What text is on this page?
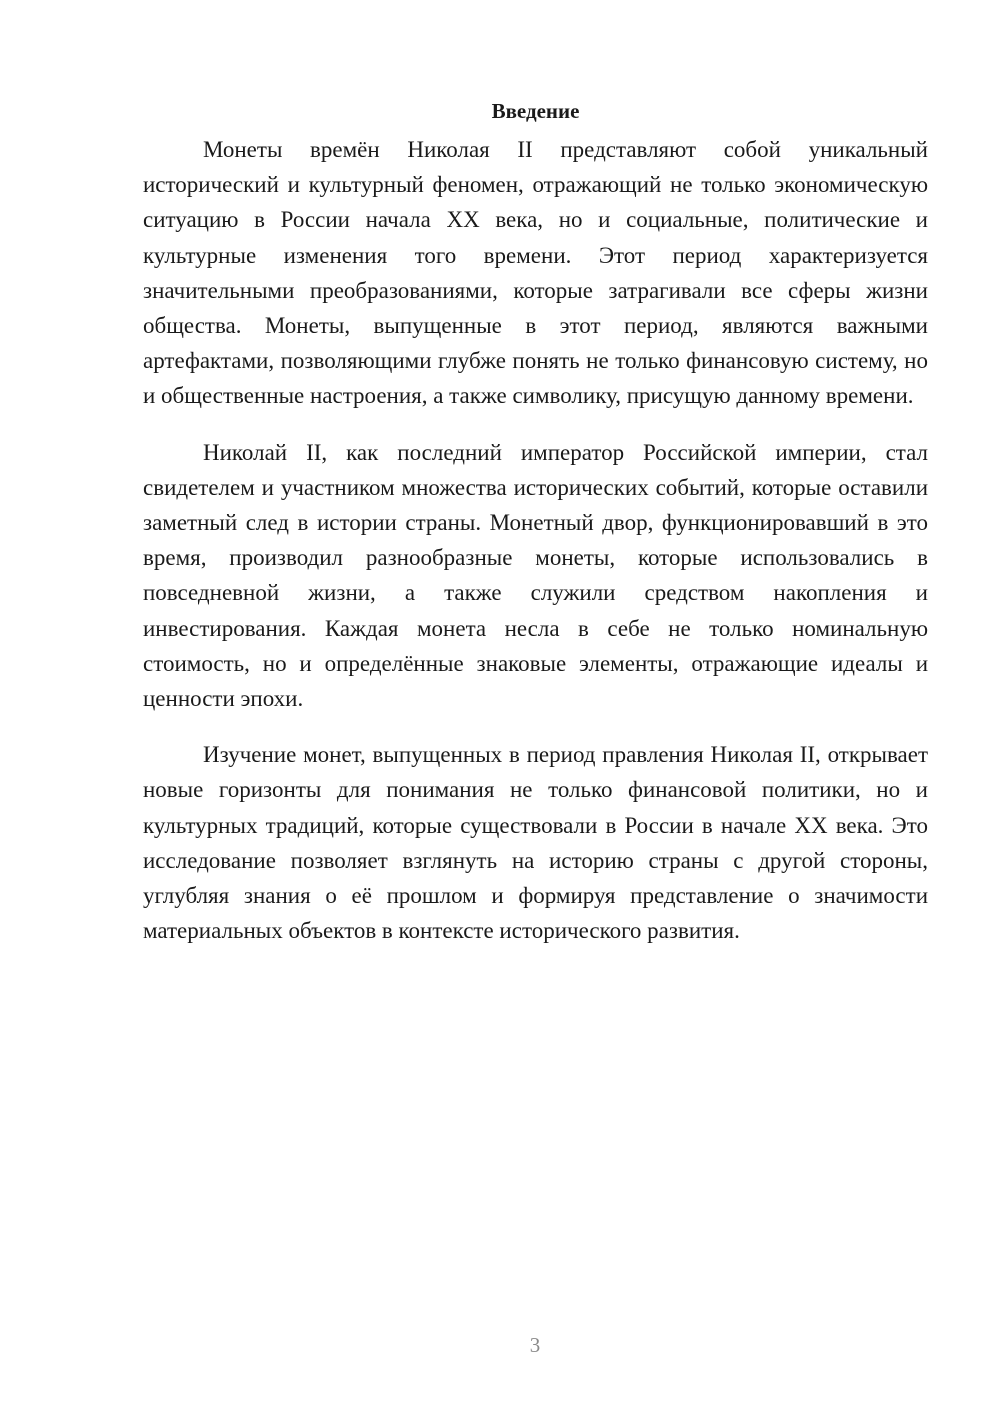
Введение

Монеты времён Николая II представляют собой уникальный исторический и культурный феномен, отражающий не только экономическую ситуацию в России начала XX века, но и социальные, политические и культурные изменения того времени. Этот период характеризуется значительными преобразованиями, которые затрагивали все сферы жизни общества. Монеты, выпущенные в этот период, являются важными артефактами, позволяющими глубже понять не только финансовую систему, но и общественные настроения, а также символику, присущую данному времени.

Николай II, как последний император Российской империи, стал свидетелем и участником множества исторических событий, которые оставили заметный след в истории страны. Монетный двор, функционировавший в это время, производил разнообразные монеты, которые использовались в повседневной жизни, а также служили средством накопления и инвестирования. Каждая монета несла в себе не только номинальную стоимость, но и определённые знаковые элементы, отражающие идеалы и ценности эпохи.

Изучение монет, выпущенных в период правления Николая II, открывает новые горизонты для понимания не только финансовой политики, но и культурных традиций, которые существовали в России в начале XX века. Это исследование позволяет взглянуть на историю страны с другой стороны, углубляя знания о её прошлом и формируя представление о значимости материальных объектов в контексте исторического развития.

3
